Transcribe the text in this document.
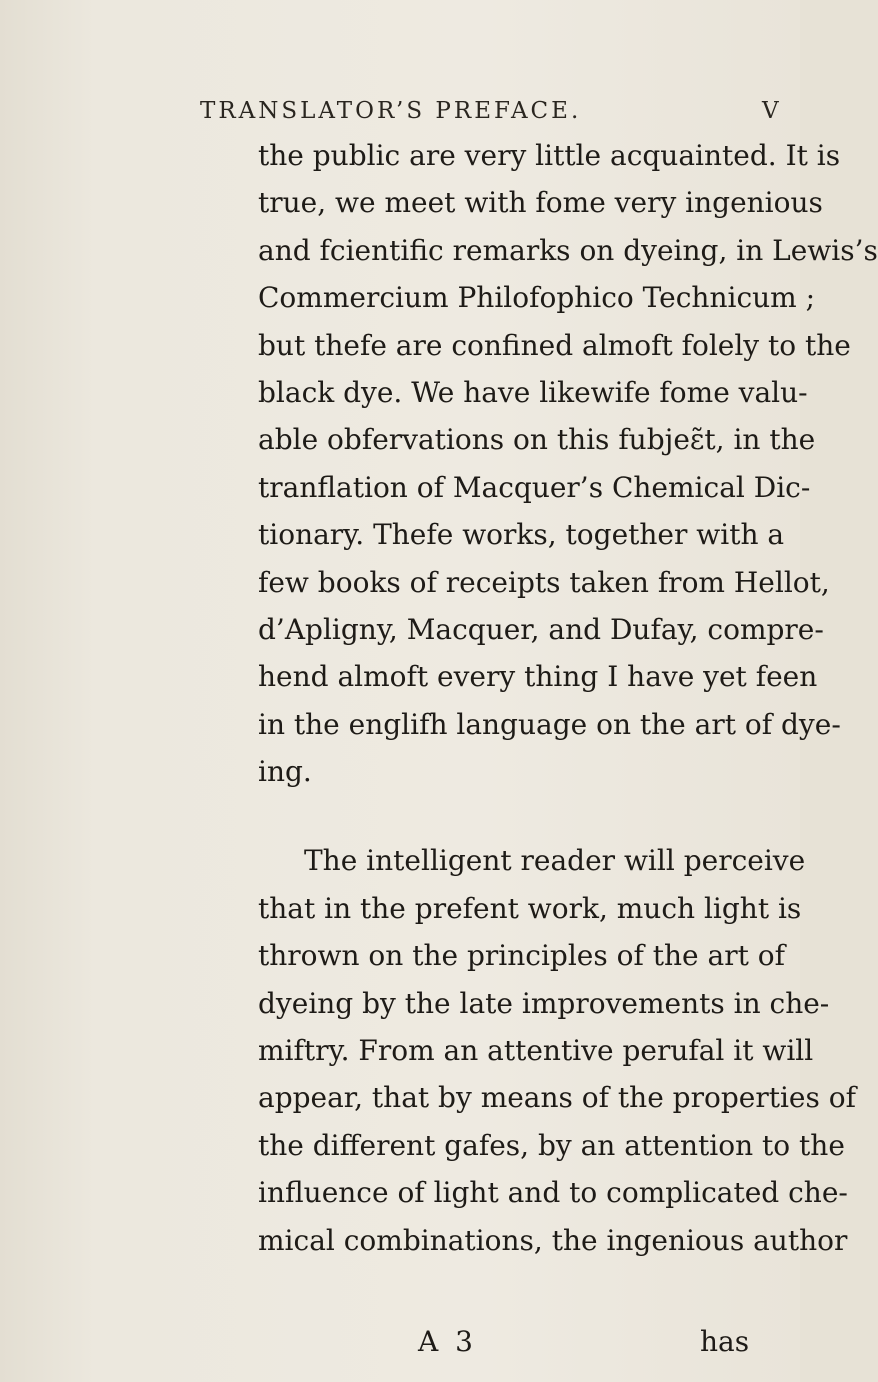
TRANSLATOR’S PREFACE.	V
the public are very little acquainted. It is
true, we meet with fome very ingenious
and fcientific remarks on dyeing, in Lewis’s
Commercium Philofophico Technicum ;
but thefe are confined almoft folely to the
black dye. We have likewife fome valu-
able obfervations on this fubjeɛ̃t, in the
tranflation of Macquer’s Chemical Dic-
tionary. Thefe works, together with a
few books of receipts taken from Hellot,
d’Apligny, Macquer, and Dufay, compre-
hend almoft every thing I have yet feen
in the englifh language on the art of dye-
ing.
The intelligent reader will perceive
that in the prefent work, much light is
thrown on the principles of the art of
dyeing by the late improvements in che-
miftry. From an attentive perufal it will
appear, that by means of the properties of
the different gafes, by an attention to the
influence of light and to complicated che-
mical combinations, the ingenious author
A 3	has
